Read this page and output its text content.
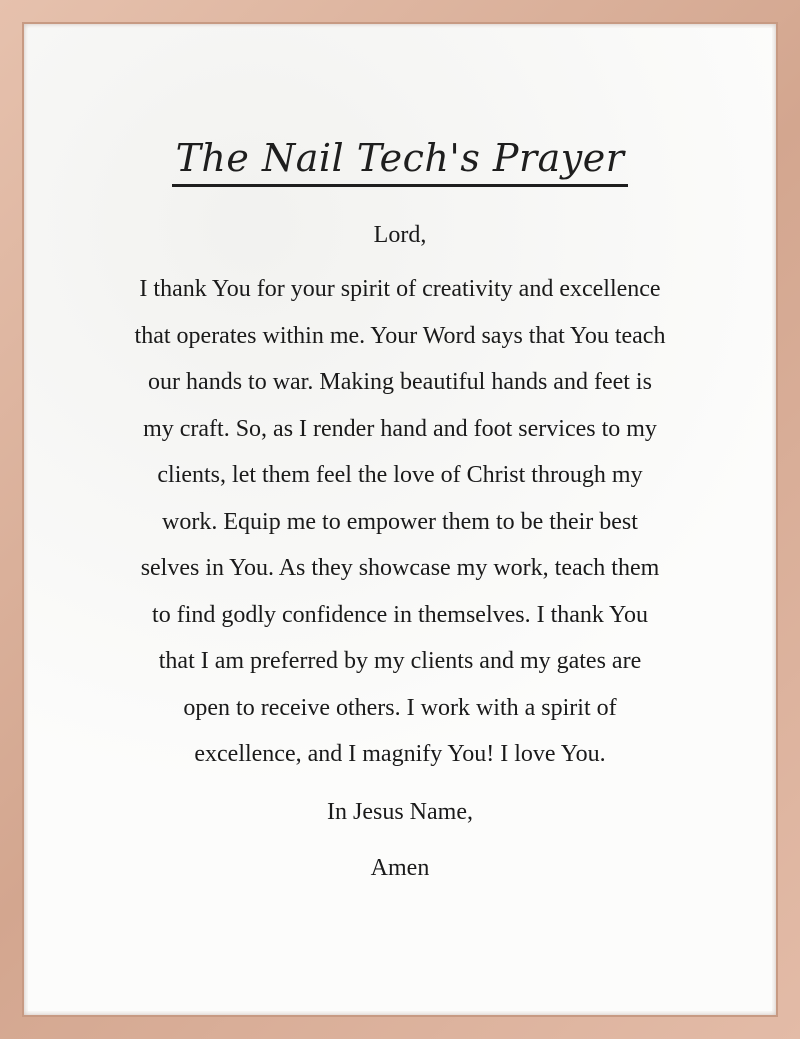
The Nail Tech's Prayer

Lord,

I thank You for your spirit of creativity and excellence
that operates within me. Your Word says that You teach
our hands to war. Making beautiful hands and feet is
my craft. So, as I render hand and foot services to my
clients, let them feel the love of Christ through my
work. Equip me to empower them to be their best
selves in You. As they showcase my work, teach them
to find godly confidence in themselves. I thank You
that I am preferred by my clients and my gates are
open to receive others. I work with a spirit of
excellence, and I magnify You! I love You.

In Jesus Name,

Amen
